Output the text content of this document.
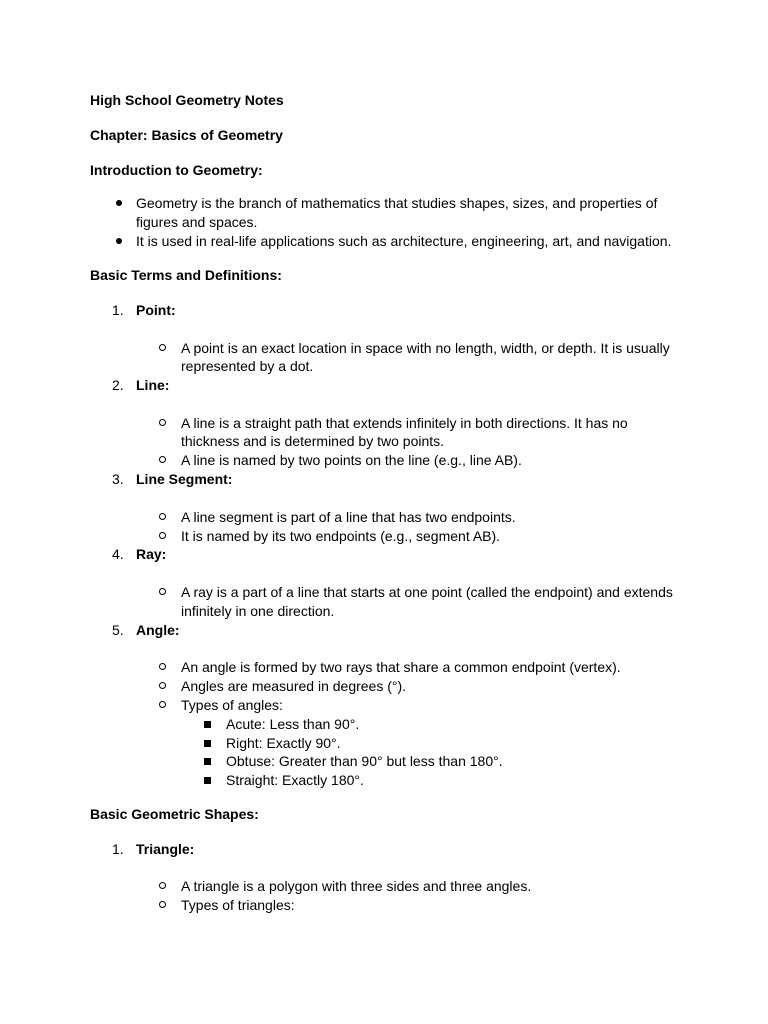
High School Geometry Notes
Chapter: Basics of Geometry
Introduction to Geometry:
Geometry is the branch of mathematics that studies shapes, sizes, and properties of
figures and spaces.
It is used in real-life applications such as architecture, engineering, art, and navigation.
Basic Terms and Definitions:
1. Point:
A point is an exact location in space with no length, width, or depth. It is usually
represented by a dot.
2. Line:
A line is a straight path that extends infinitely in both directions. It has no
thickness and is determined by two points.
A line is named by two points on the line (e.g., line AB).
3. Line Segment:
A line segment is part of a line that has two endpoints.
It is named by its two endpoints (e.g., segment AB).
4. Ray:
A ray is a part of a line that starts at one point (called the endpoint) and extends
infinitely in one direction.
5. Angle:
An angle is formed by two rays that share a common endpoint (vertex).
Angles are measured in degrees (°).
Types of angles:
Acute: Less than 90°.
Right: Exactly 90°.
Obtuse: Greater than 90° but less than 180°.
Straight: Exactly 180°.
Basic Geometric Shapes:
1. Triangle:
A triangle is a polygon with three sides and three angles.
Types of triangles:
